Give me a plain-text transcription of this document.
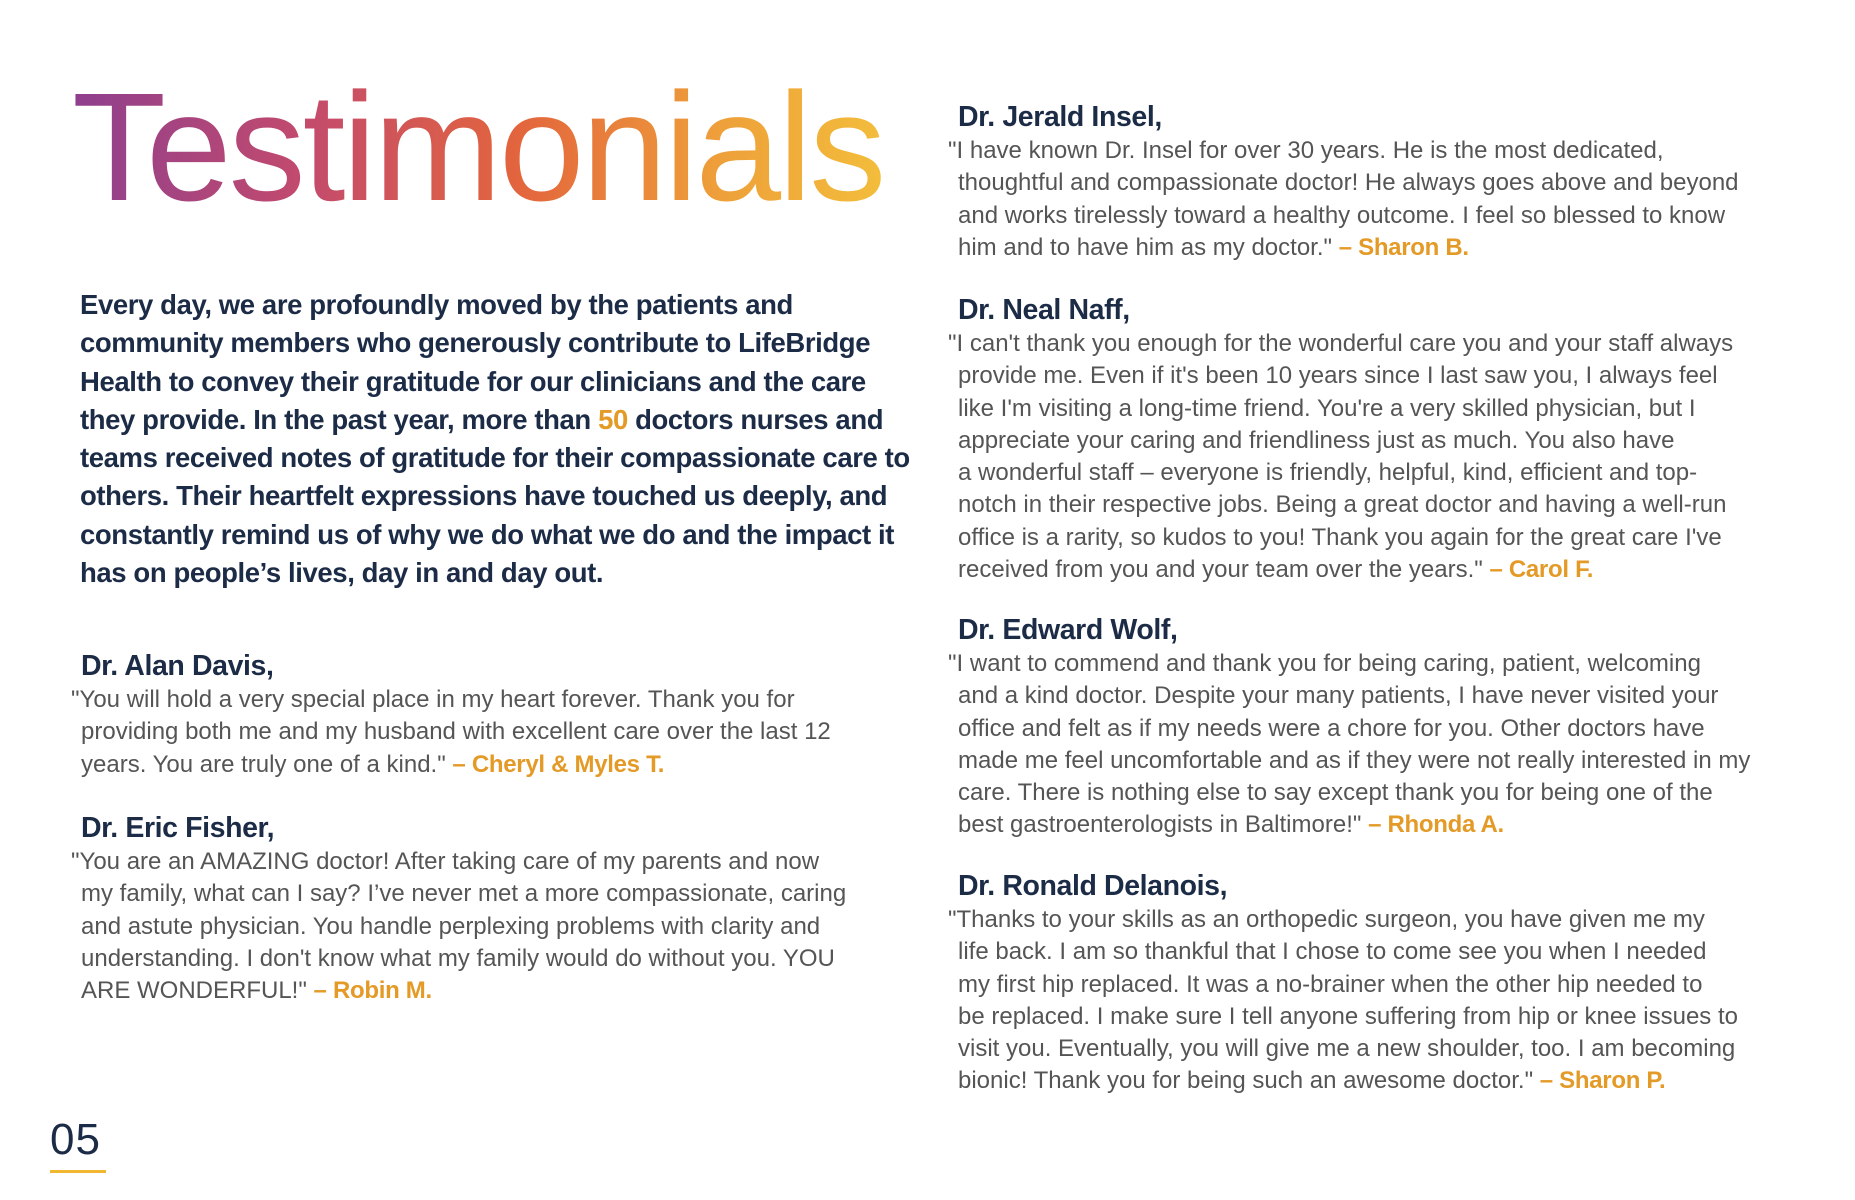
Testimonials

Every day, we are profoundly moved by the patients and community members who generously contribute to LifeBridge Health to convey their gratitude for our clinicians and the care they provide. In the past year, more than 50 doctors nurses and teams received notes of gratitude for their compassionate care to others. Their heartfelt expressions have touched us deeply, and constantly remind us of why we do what we do and the impact it has on people’s lives, day in and day out.

Dr. Alan Davis,

"You will hold a very special place in my heart forever. Thank you for
providing both me and my husband with excellent care over the last 12
years. You are truly one of a kind." – Cheryl & Myles T.

Dr. Eric Fisher,

"You are an AMAZING doctor! After taking care of my parents and now
my family, what can I say? I’ve never met a more compassionate, caring
and astute physician. You handle perplexing problems with clarity and
understanding. I don't know what my family would do without you. YOU
ARE WONDERFUL!" – Robin M.

Dr. Jerald Insel,

"I have known Dr. Insel for over 30 years. He is the most dedicated,
thoughtful and compassionate doctor! He always goes above and beyond
and works tirelessly toward a healthy outcome. I feel so blessed to know
him and to have him as my doctor." – Sharon B.

Dr. Neal Naff,

"I can't thank you enough for the wonderful care you and your staff always
provide me. Even if it's been 10 years since I last saw you, I always feel
like I'm visiting a long-time friend. You're a very skilled physician, but I
appreciate your caring and friendliness just as much. You also have
a wonderful staff – everyone is friendly, helpful, kind, efficient and top-
notch in their respective jobs. Being a great doctor and having a well-run
office is a rarity, so kudos to you! Thank you again for the great care I've
received from you and your team over the years." – Carol F.

Dr. Edward Wolf,

"I want to commend and thank you for being caring, patient, welcoming
and a kind doctor. Despite your many patients, I have never visited your
office and felt as if my needs were a chore for you. Other doctors have
made me feel uncomfortable and as if they were not really interested in my
care. There is nothing else to say except thank you for being one of the
best gastroenterologists in Baltimore!" – Rhonda A.

Dr. Ronald Delanois,

"Thanks to your skills as an orthopedic surgeon, you have given me my
life back. I am so thankful that I chose to come see you when I needed
my first hip replaced. It was a no-brainer when the other hip needed to
be replaced. I make sure I tell anyone suffering from hip or knee issues to
visit you. Eventually, you will give me a new shoulder, too. I am becoming
bionic! Thank you for being such an awesome doctor." – Sharon P.

05
